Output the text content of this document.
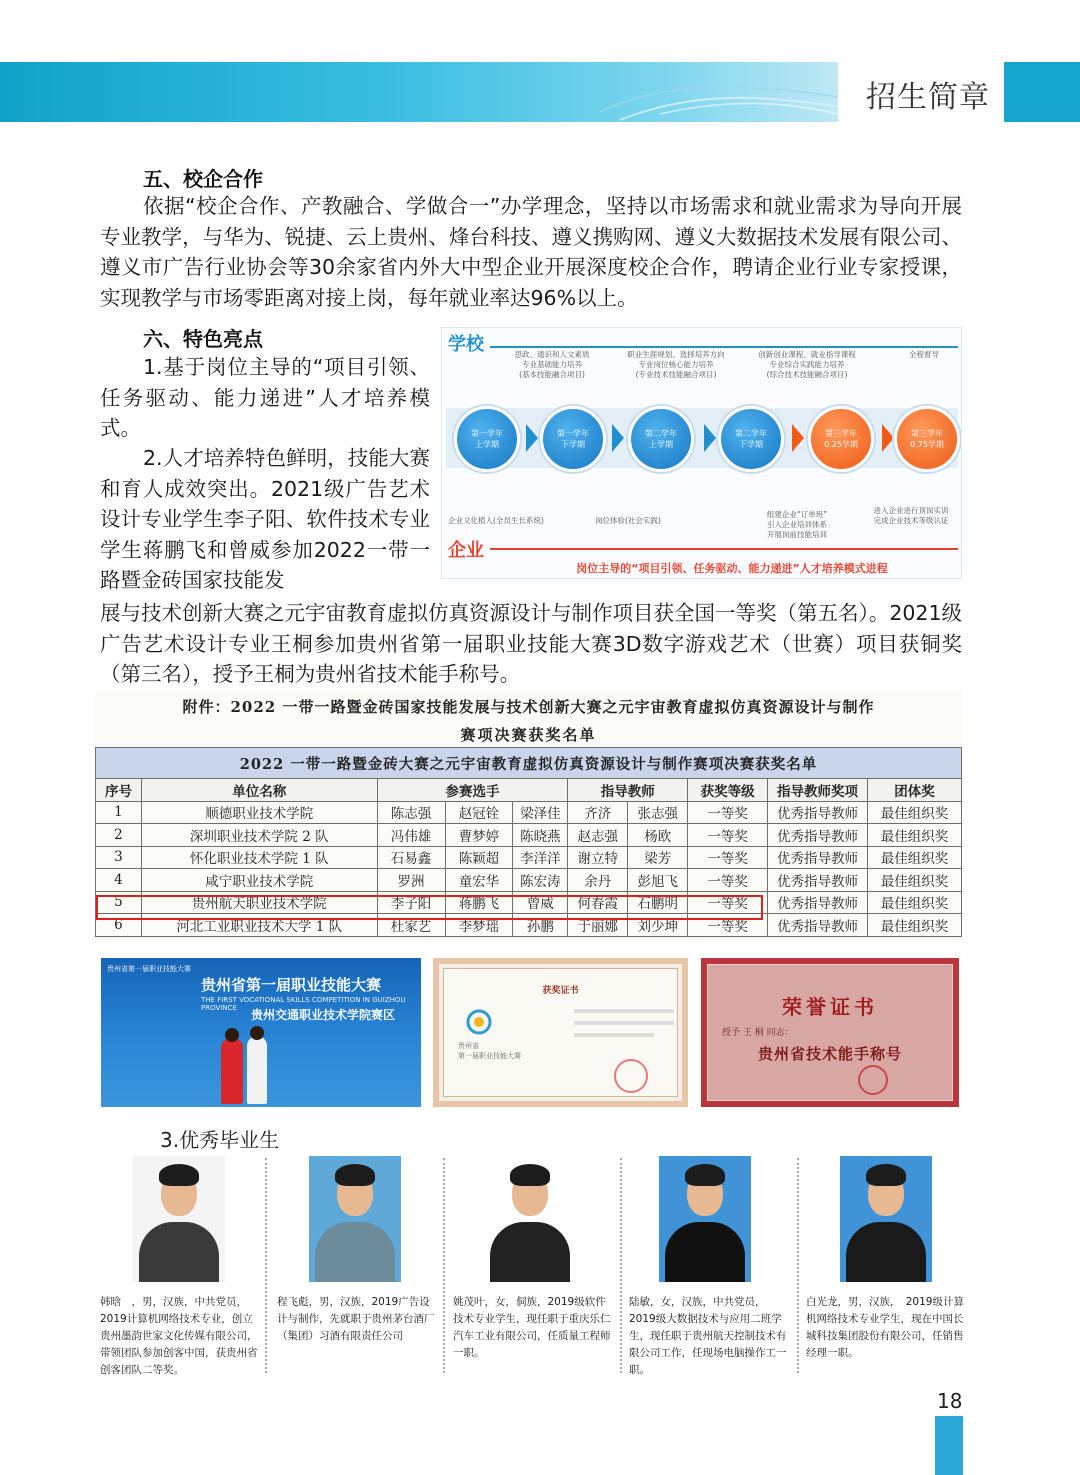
招生简章
五、校企合作
依据“校企合作、产教融合、学做合一”办学理念，坚持以市场需求和就业需求为导向开展专业教学，与华为、锐捷、云上贵州、烽台科技、遵义携购网、遵义大数据技术发展有限公司、遵义市广告行业协会等30余家省内外大中型企业开展深度校企合作，聘请企业行业专家授课，实现教学与市场零距离对接上岗，每年就业率达96%以上。
六、特色亮点
1.基于岗位主导的“项目引领、任务驱动、能力递进”人才培养模式。
2.人才培养特色鲜明，技能大赛和育人成效突出。2021级广告艺术设计专业学生李子阳、软件技术专业学生蒋鹏飞和曾威参加2022一带一路暨金砖国家技能发
展与技术创新大赛之元宇宙教育虚拟仿真资源设计与制作项目获全国一等奖（第五名）。2021级广告艺术设计专业王桐参加贵州省第一届职业技能大赛3D数字游戏艺术（世赛）项目获铜奖（第三名），授予王桐为贵州省技术能手称号。
学校	思政、通识和人文素质
专业基础能力培养
(基本技能融合项目)
职业生涯规划、选择培养方向
专业岗位核心能力培养
(专业技术技能融合项目)
创新创业课程、就业指导课程
专业综合实践能力培养
(综合技术技能融合项目)
全程督导
第一学年
上学期
第一学年
下学期
第二学年
上学期
第二学年
下学期
第三学年
0.25学期
第三学年
0.75学期
企业文化植入(全员生长系统)	岗位体验(社会实践)
组建企业“订单班”
引入企业培训体系
开展岗前技能培训
进入企业进行顶岗实训
完成企业技术等级认证
企业
岗位主导的“项目引领、任务驱动、能力递进”人才培养模式进程
附件：2022 一带一路暨金砖国家技能发展与技术创新大赛之元宇宙教育虚拟仿真资源设计与制作
赛项决赛获奖名单
2022 一带一路暨金砖大赛之元宇宙教育虚拟仿真资源设计与制作赛项决赛获奖名单									
序号	单位名称	参赛选手			指导教师		获奖等级	指导教师奖项	团体奖
1	顺德职业技术学院	陈志强	赵冠铨	梁泽佳	齐济	张志强	一等奖	优秀指导教师	最佳组织奖
2	深圳职业技术学院 2 队	冯伟雄	曹梦婷	陈晓燕	赵志强	杨欧	一等奖	优秀指导教师	最佳组织奖
3	怀化职业技术学院 1 队	石易鑫	陈颖超	李洋洋	谢立特	梁芳	一等奖	优秀指导教师	最佳组织奖
4	咸宁职业技术学院	罗洲	童宏华	陈宏涛	余丹	彭旭飞	一等奖	优秀指导教师	最佳组织奖
5	贵州航天职业技术学院	李子阳	蒋鹏飞	曾威	何春霞	石鹏明	一等奖	优秀指导教师	最佳组织奖
6	河北工业职业技术大学 1 队	杜家艺	李梦瑶	孙鹏	于丽娜	刘少坤	一等奖	优秀指导教师	最佳组织奖
贵州省第一届职业技能大赛
贵州省第一届职业技能大赛
THE FIRST VOCATIONAL SKILLS COMPETITION IN GUIZHOU PROVINCE	贵州交通职业技术学院赛区
获奖证书
贵州省
第一届职业技能大赛
荣誉证书
授予 王 桐 同志：
贵州省技术能手称号
3.优秀毕业生
韩晗　，男，汉族，中共党员，2019计算机网络技术专业，创立贵州墨韵世家文化传媒有限公司，带领团队参加创客中国，获贵州省创客团队二等奖。
程飞彪，男，汉族，2019广告设计与制作，先就职于贵州茅台酒厂（集团）习酒有限责任公司
姚茂叶，女，侗族，2019级软件技术专业学生，现任职于重庆乐仁汽车工业有限公司，任质量工程师一职。
陆敏，女，汉族，中共党员，2019级大数据技术与应用二班学生，现任职于贵州航天控制技术有限公司工作，任现场电脑操作工一职。
白光龙，男，汉族，　2019级计算机网络技术专业学生，现在中国长城科技集团股份有限公司，任销售经理一职。
18
